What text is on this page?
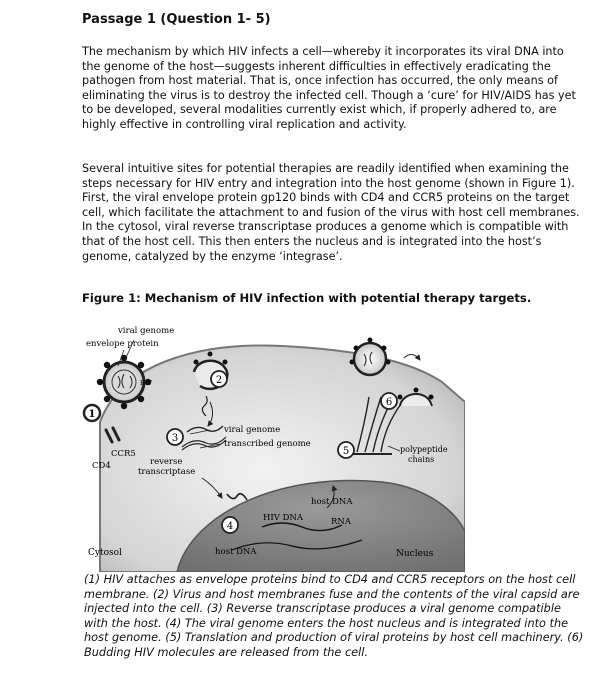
Passage 1 (Question 1- 5)

The mechanism by which HIV infects a cell—whereby it incorporates its viral DNA into the genome of the host—suggests inherent difficulties in effectively eradicating the pathogen from host material. That is, once infection has occurred, the only means of eliminating the virus is to destroy the infected cell. Though a ‘cure’ for HIV/AIDS has yet to be developed, several modalities currently exist which, if properly adhered to, are highly effective in controlling viral replication and activity.

Several intuitive sites for potential therapies are readily identified when examining the steps necessary for HIV entry and integration into the host genome (shown in Figure 1). First, the viral envelope protein gp120 binds with CD4 and CCR5 proteins on the target cell, which facilitate the attachment to and fusion of the virus with host cell membranes. In the cytosol, viral reverse transcriptase produces a genome which is compatible with that of the host cell. This then enters the nucleus and is integrated into the host’s genome, catalyzed by the enzyme ‘integrase’.

Figure 1: Mechanism of HIV infection with potential therapy targets.
1
2
3
4
5
6
viral genome
envelope protein
HIV
CCR5
CD4	reverse
transcriptase
viral genome
transcribed genome
polypeptide
chains
host DNA
HIV DNA	RNA
host DNA
Cytosol	Nucleus

(1) HIV attaches as envelope proteins bind to CD4 and CCR5 receptors on the host cell membrane. (2) Virus and host membranes fuse and the contents of the viral capsid are injected into the cell. (3) Reverse transcriptase produces a viral genome compatible with the host. (4) The viral genome enters the host nucleus and is integrated into the host genome. (5) Translation and production of viral proteins by host cell machinery. (6) Budding HIV molecules are released from the cell.
